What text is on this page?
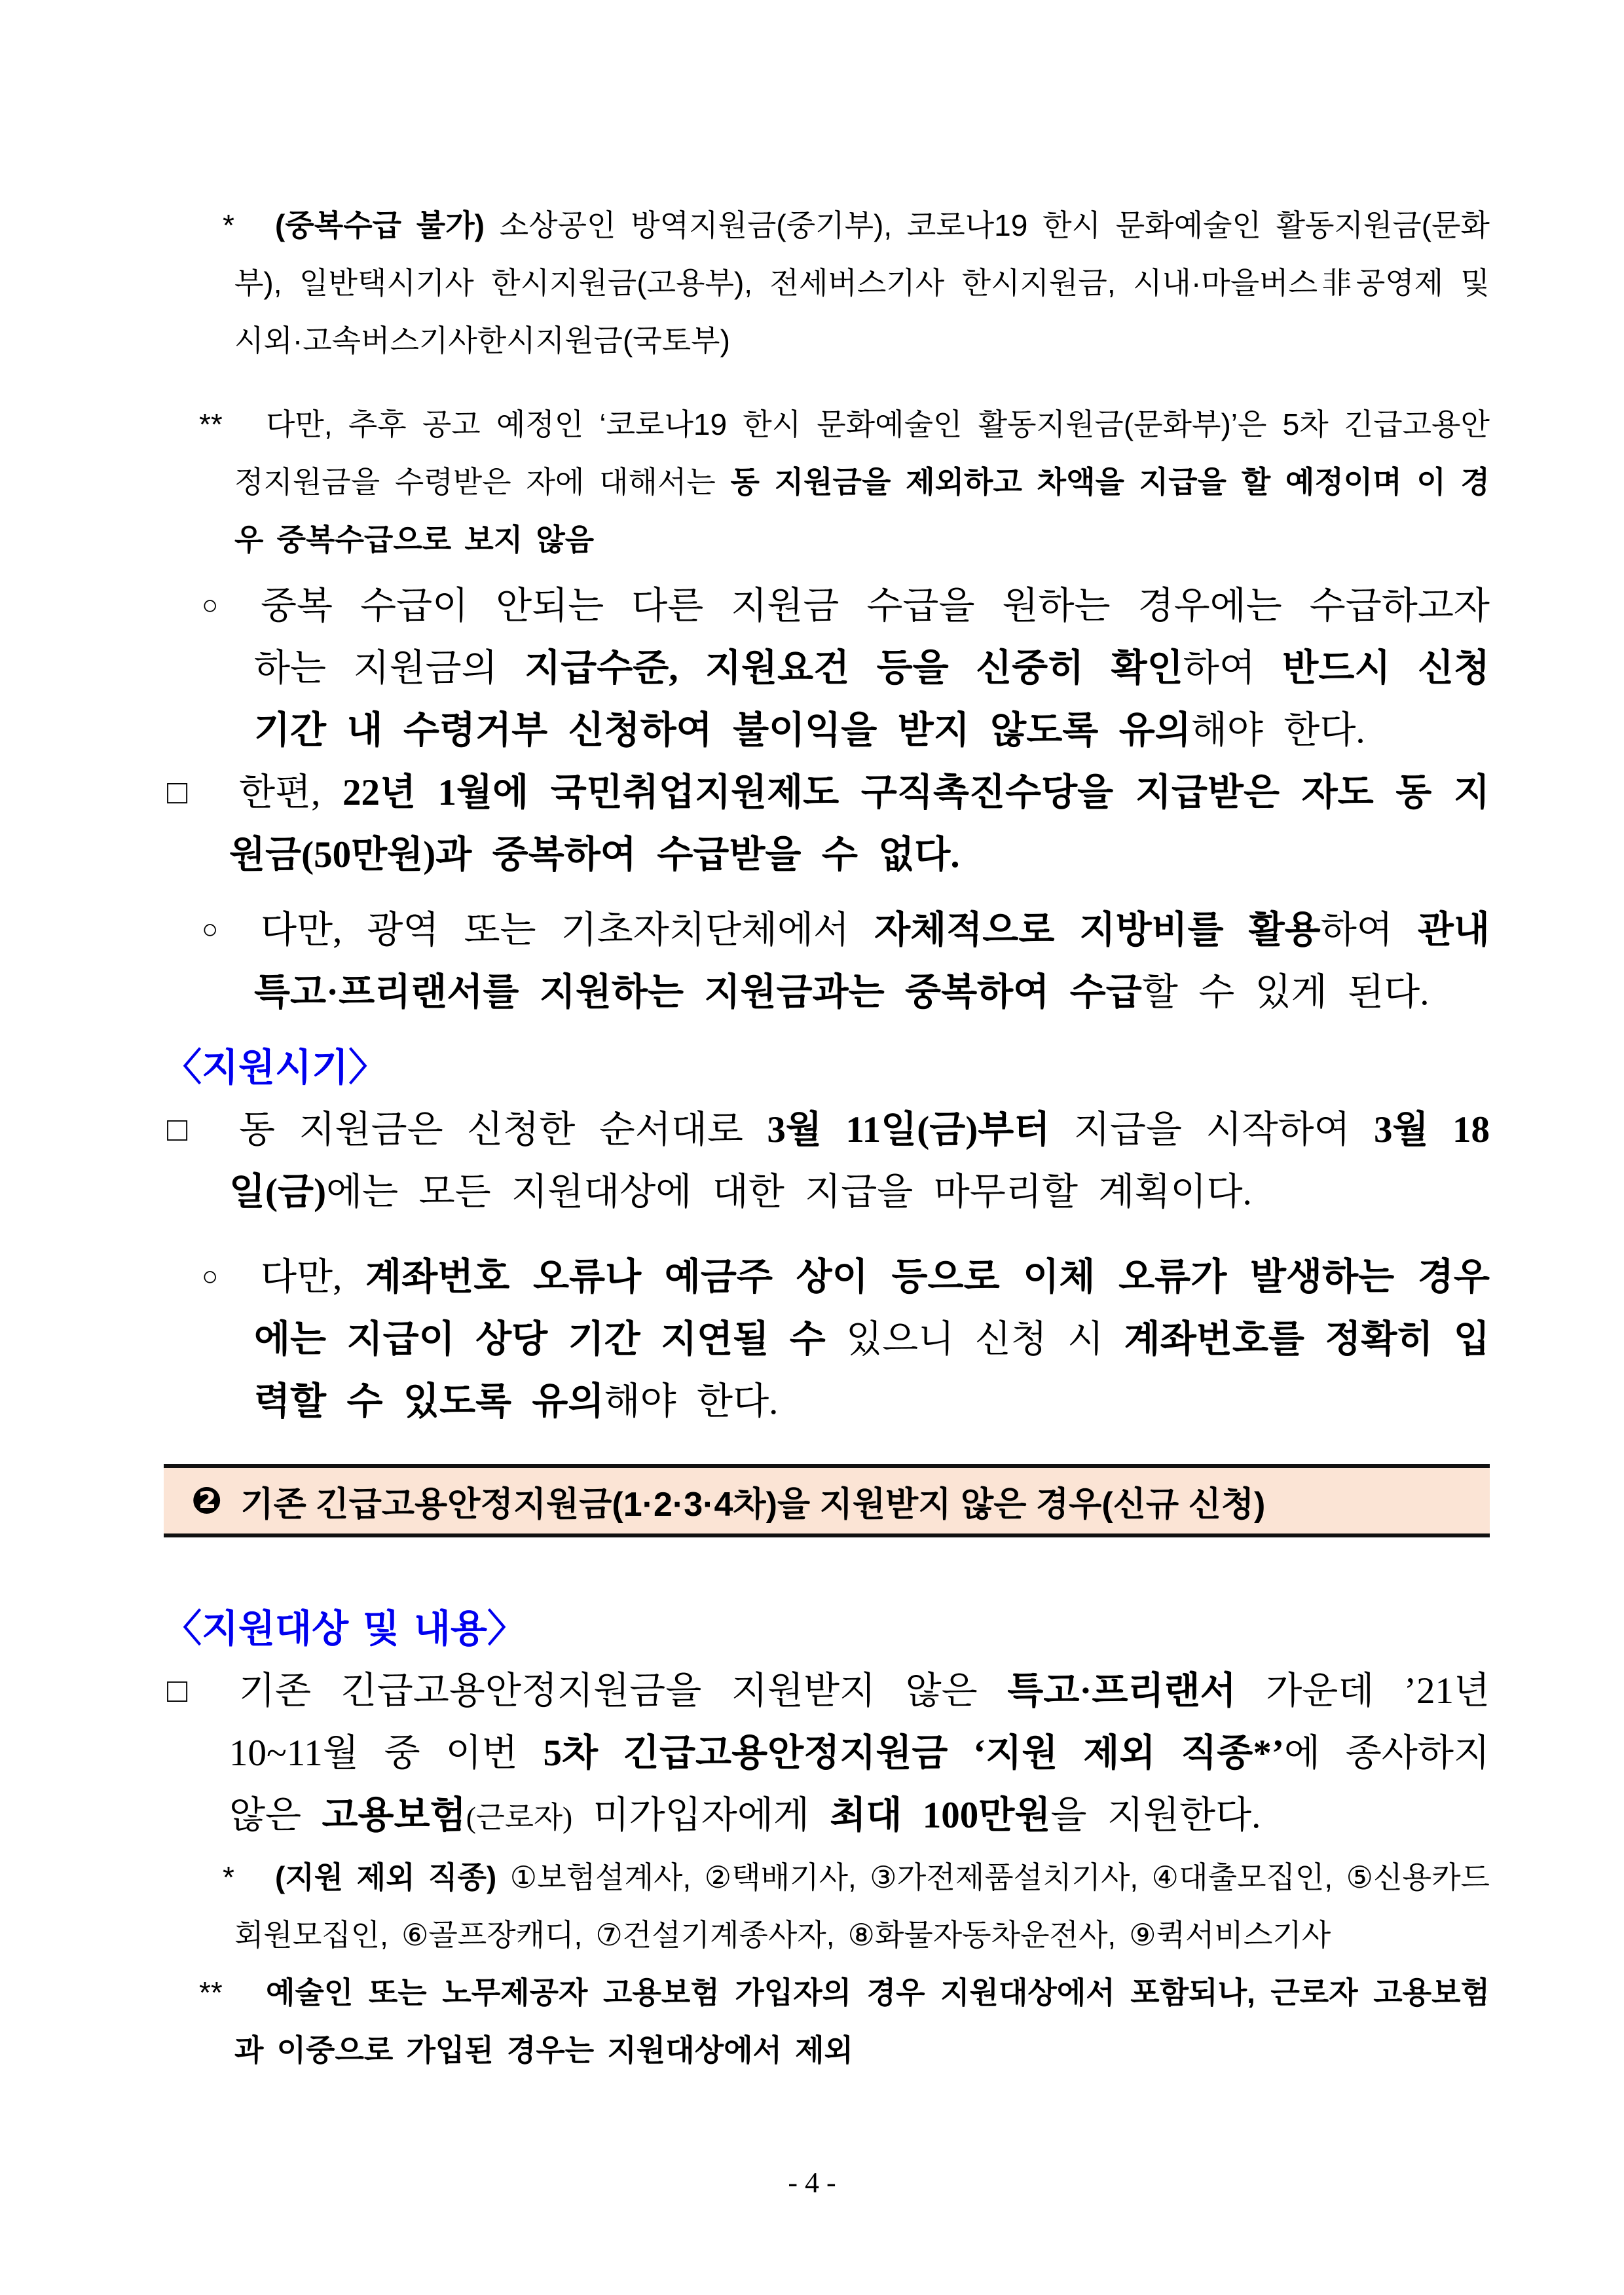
* (중복수급 불가) 소상공인 방역지원금(중기부), 코로나19 한시 문화예술인 활동지원금(문화부), 일반택시기사 한시지원금(고용부), 전세버스기사 한시지원금, 시내·마을버스非공영제 및 시외·고속버스기사한시지원금(국토부)

** 다만, 추후 공고 예정인 ‘코로나19 한시 문화예술인 활동지원금(문화부)’은 5차 긴급고용안정지원금을 수령받은 자에 대해서는 동 지원금을 제외하고 차액을 지급을 할 예정이며 이 경우 중복수급으로 보지 않음

○ 중복 수급이 안되는 다른 지원금 수급을 원하는 경우에는 수급하고자 하는 지원금의 지급수준, 지원요건 등을 신중히 확인하여 반드시 신청 기간 내 수령거부 신청하여 불이익을 받지 않도록 유의해야 한다.

□ 한편, 22년 1월에 국민취업지원제도 구직촉진수당을 지급받은 자도 동 지원금(50만원)과 중복하여 수급받을 수 없다.

○ 다만, 광역 또는 기초자치단체에서 자체적으로 지방비를 활용하여 관내 특고·프리랜서를 지원하는 지원금과는 중복하여 수급할 수 있게 된다.

〈지원시기〉

□ 동 지원금은 신청한 순서대로 3월 11일(금)부터 지급을 시작하여 3월 18일(금)에는 모든 지원대상에 대한 지급을 마무리할 계획이다.

○ 다만, 계좌번호 오류나 예금주 상이 등으로 이체 오류가 발생하는 경우에는 지급이 상당 기간 지연될 수 있으니 신청 시 계좌번호를 정확히 입력할 수 있도록 유의해야 한다.

❷ 기존 긴급고용안정지원금(1·2·3·4차)을 지원받지 않은 경우(신규 신청)
〈지원대상 및 내용〉

□ 기존 긴급고용안정지원금을 지원받지 않은 특고·프리랜서 가운데 ’21년 10~11월 중 이번 5차 긴급고용안정지원금 ‘지원 제외 직종*’에 종사하지 않은 고용보험(근로자) 미가입자에게 최대 100만원을 지원한다.

* (지원 제외 직종) ①보험설계사, ②택배기사, ③가전제품설치기사, ④대출모집인, ⑤신용카드 회원모집인, ⑥골프장캐디, ⑦건설기계종사자, ⑧화물자동차운전사, ⑨퀵서비스기사

** 예술인 또는 노무제공자 고용보험 가입자의 경우 지원대상에서 포함되나, 근로자 고용보험과 이중으로 가입된 경우는 지원대상에서 제외

- 4 -
